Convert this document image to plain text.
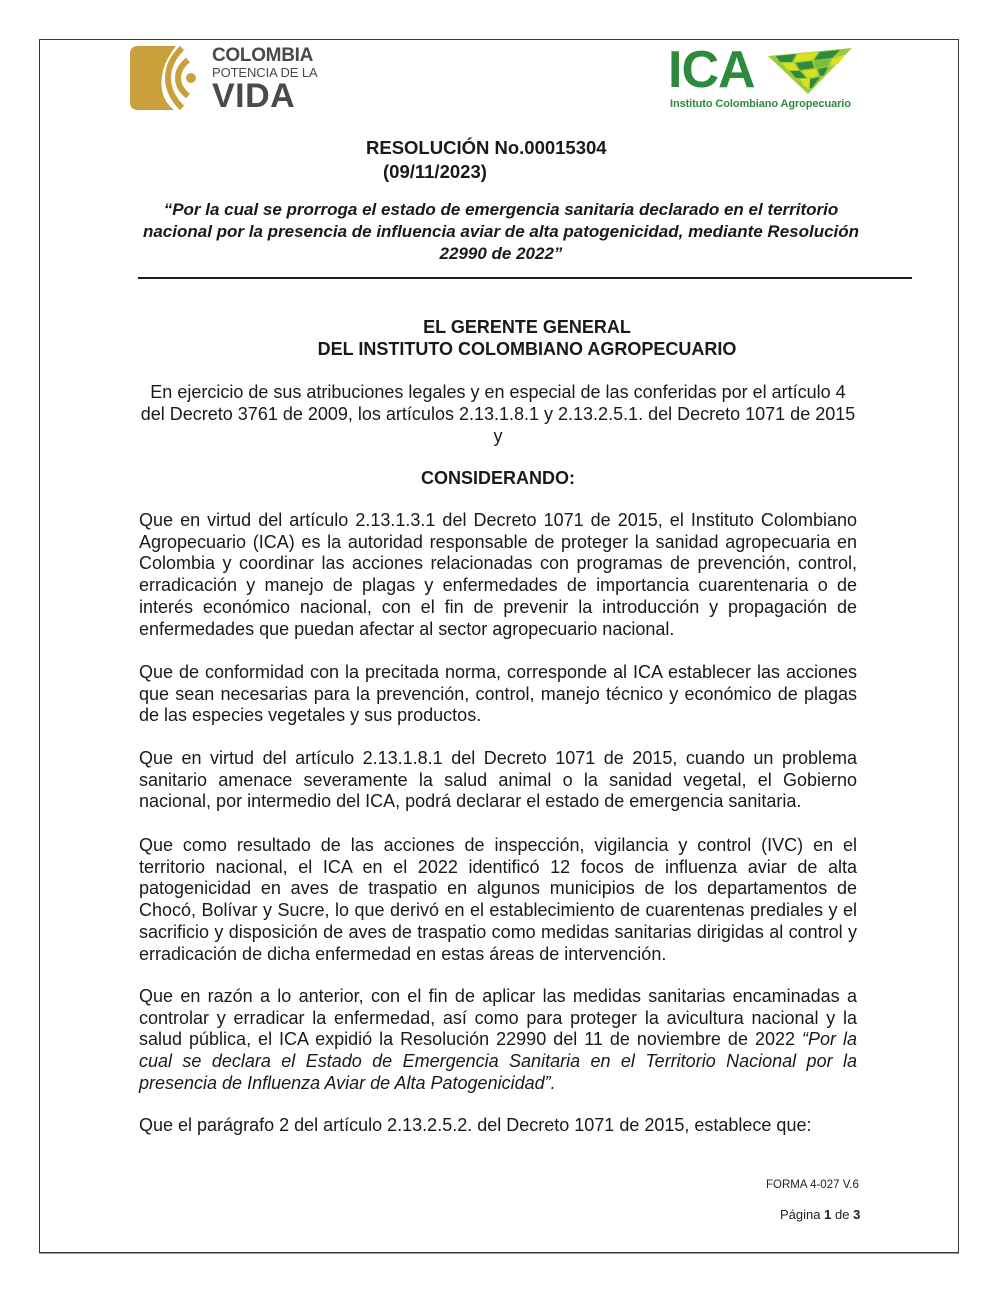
COLOMBIA
POTENCIA DE LA
VIDA	ICA
Instituto Colombiano Agropecuario
RESOLUCIÓN No.00015304
(09/11/2023)
“Por la cual se prorroga el estado de emergencia sanitaria declarado en el territorio nacional por la presencia de influencia aviar de alta patogenicidad, mediante Resolución 22990 de 2022”
EL GERENTE GENERAL
DEL INSTITUTO COLOMBIANO AGROPECUARIO
En ejercicio de sus atribuciones legales y en especial de las conferidas por el artículo 4 del Decreto 3761 de 2009, los artículos 2.13.1.8.1 y 2.13.2.5.1. del Decreto 1071 de 2015 y
CONSIDERANDO:
Que en virtud del artículo 2.13.1.3.1 del Decreto 1071 de 2015, el Instituto Colombiano Agropecuario (ICA) es la autoridad responsable de proteger la sanidad agropecuaria en Colombia y coordinar las acciones relacionadas con programas de prevención, control, erradicación y manejo de plagas y enfermedades de importancia cuarentenaria o de interés económico nacional, con el fin de prevenir la introducción y propagación de enfermedades que puedan afectar al sector agropecuario nacional.
Que de conformidad con la precitada norma, corresponde al ICA establecer las acciones que sean necesarias para la prevención, control, manejo técnico y económico de plagas de las especies vegetales y sus productos.
Que en virtud del artículo 2.13.1.8.1 del Decreto 1071 de 2015, cuando un problema sanitario amenace severamente la salud animal o la sanidad vegetal, el Gobierno nacional, por intermedio del ICA, podrá declarar el estado de emergencia sanitaria.
Que como resultado de las acciones de inspección, vigilancia y control (IVC) en el territorio nacional, el ICA en el 2022 identificó 12 focos de influenza aviar de alta patogenicidad en aves de traspatio en algunos municipios de los departamentos de Chocó, Bolívar y Sucre, lo que derivó en el establecimiento de cuarentenas prediales y el sacrificio y disposición de aves de traspatio como medidas sanitarias dirigidas al control y erradicación de dicha enfermedad en estas áreas de intervención.
Que en razón a lo anterior, con el fin de aplicar las medidas sanitarias encaminadas a controlar y erradicar la enfermedad, así como para proteger la avicultura nacional y la salud pública, el ICA expidió la Resolución 22990 del 11 de noviembre de 2022 “Por la cual se declara el Estado de Emergencia Sanitaria en el Territorio Nacional por la presencia de Influenza Aviar de Alta Patogenicidad”.
Que el parágrafo 2 del artículo 2.13.2.5.2. del Decreto 1071 de 2015, establece que:
FORMA 4-027 V.6
Página 1 de 3
